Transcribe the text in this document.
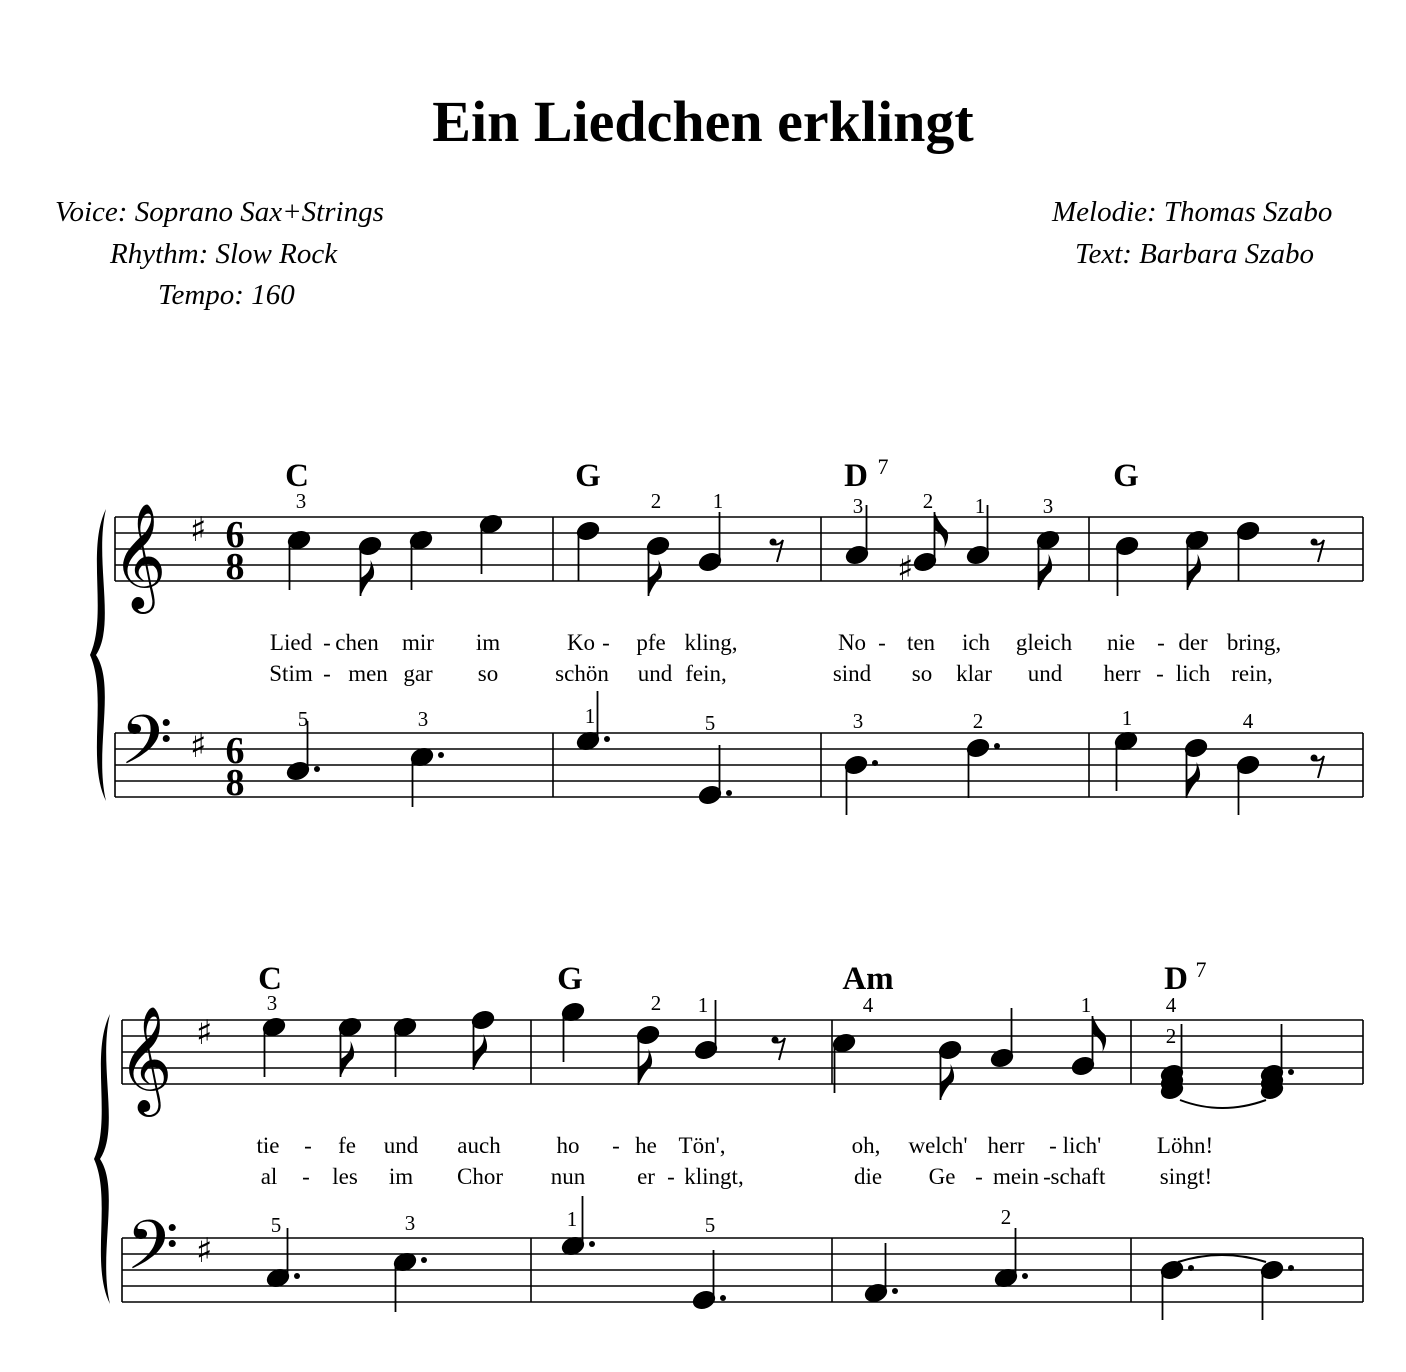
Ein Liedchen erklingt
Voice: Soprano Sax+Strings
Rhythm: Slow Rock
Tempo: 160
Melodie: Thomas Szabo
Text: Barbara Szabo
𝄞
𝄢
♯
♯
♯
𝄞
𝄢
♯
♯
6
8
6
8
C	G	D 7	G
3	2 1	3	2 1	3
5	3	1	5	3	2	1	4
Lied - chen mir im	Ko - pfe kling,	No - ten ich gleich nie - der bring,
Stim - men gar so schön und fein,	sind so klar und herr - lich rein,
C	G	Am	D 7
3	2 1	4	1	4
2
5	3	1	5	2
tie - fe und auch ho - he Tön',	oh, welch' herr - lich' Löhn!
al - les im Chor nun er - klingt,	die Ge - mein - schaft singt!
